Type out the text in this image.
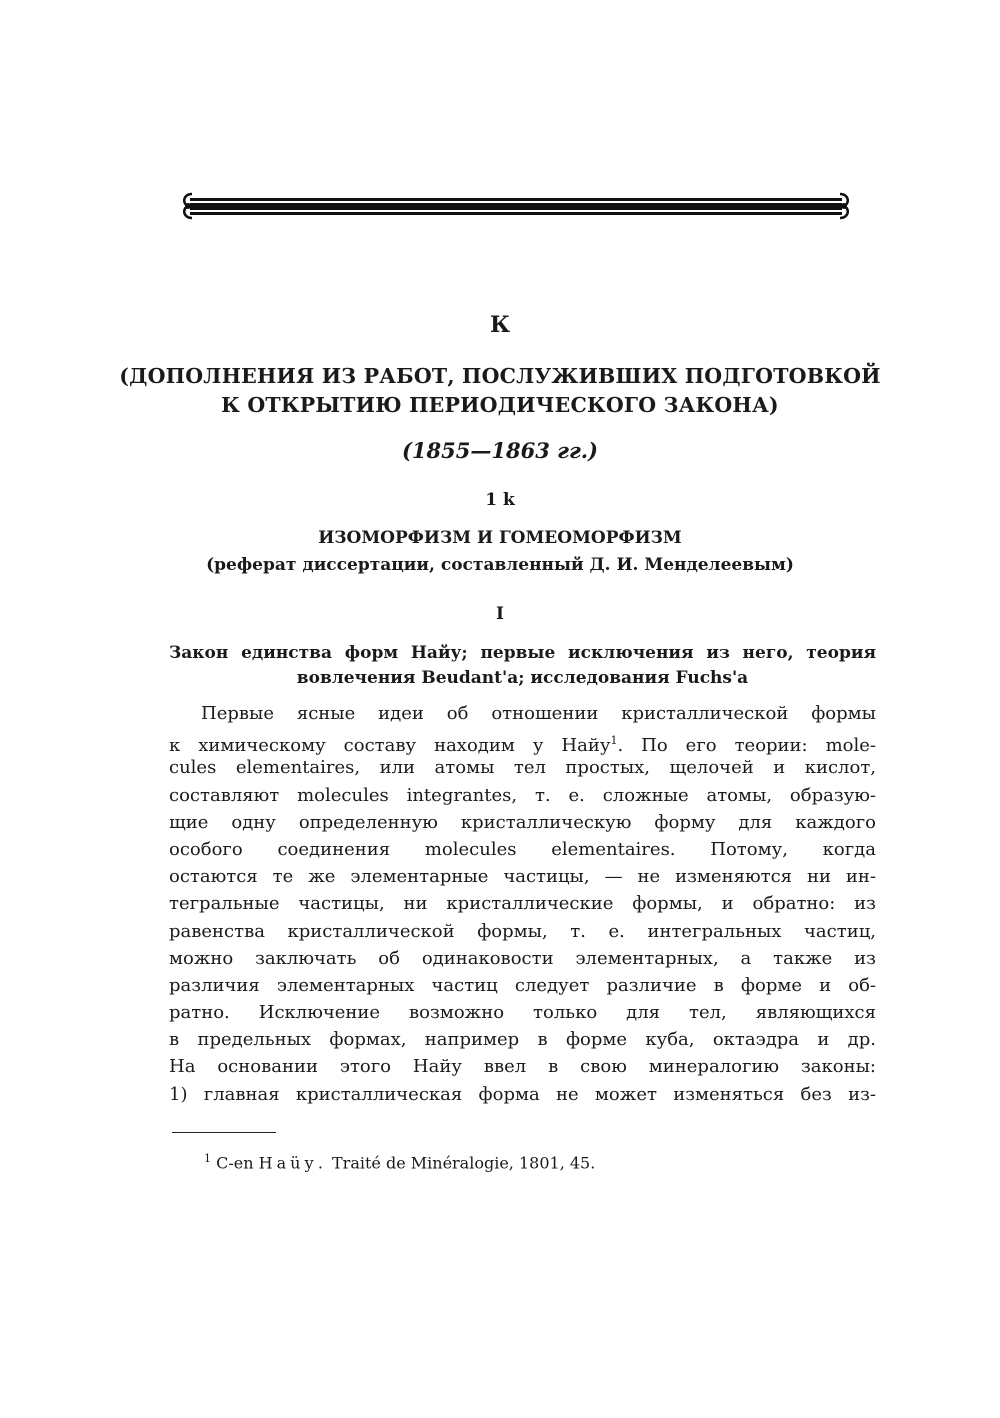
К
(ДОПОЛНЕНИЯ ИЗ РАБОТ, ПОСЛУЖИВШИХ ПОДГОТОВКОЙ
К ОТКРЫТИЮ ПЕРИОДИЧЕСКОГО ЗАКОНА)
(1855—1863 гг.)
1 k
ИЗОМОРФИЗМ И ГОМЕОМОРФИЗМ
(реферат диссертации, составленный Д. И. Менделеевым)
I
Закон единства форм Найу; первые исключения из него, теория
вовлечения Beudant'a; исследования Fuchs'a
Первые ясные идеи об отношении кристаллической формы
к химическому составу находим у Найу$^1$. По его теории: mole-
cules elementaires, или атомы тел простых, щелочей и кислот,
составляют molecules integrantes, т. е. сложные атомы, образую-
щие одну определенную кристаллическую форму для каждого
особого соединения molecules elementaires. Потому, когда
остаются те же элементарные частицы, — не изменяются ни ин-
тегральные частицы, ни кристаллические формы, и обратно: из
равенства кристаллической формы, т. е. интегральных частиц,
можно заключать об одинаковости элементарных, а также из
различия элементарных частиц следует различие в форме и об-
ратно. Исключение возможно только для тел, являющихся
в предельных формах, например в форме куба, октаэдра и др.
На основании этого Найу ввел в свою минералогию законы:
1) главная кристаллическая форма не может изменяться без из-
$^1$ С-еn Наüу. Traité de Minéralogie, 1801, 45.
